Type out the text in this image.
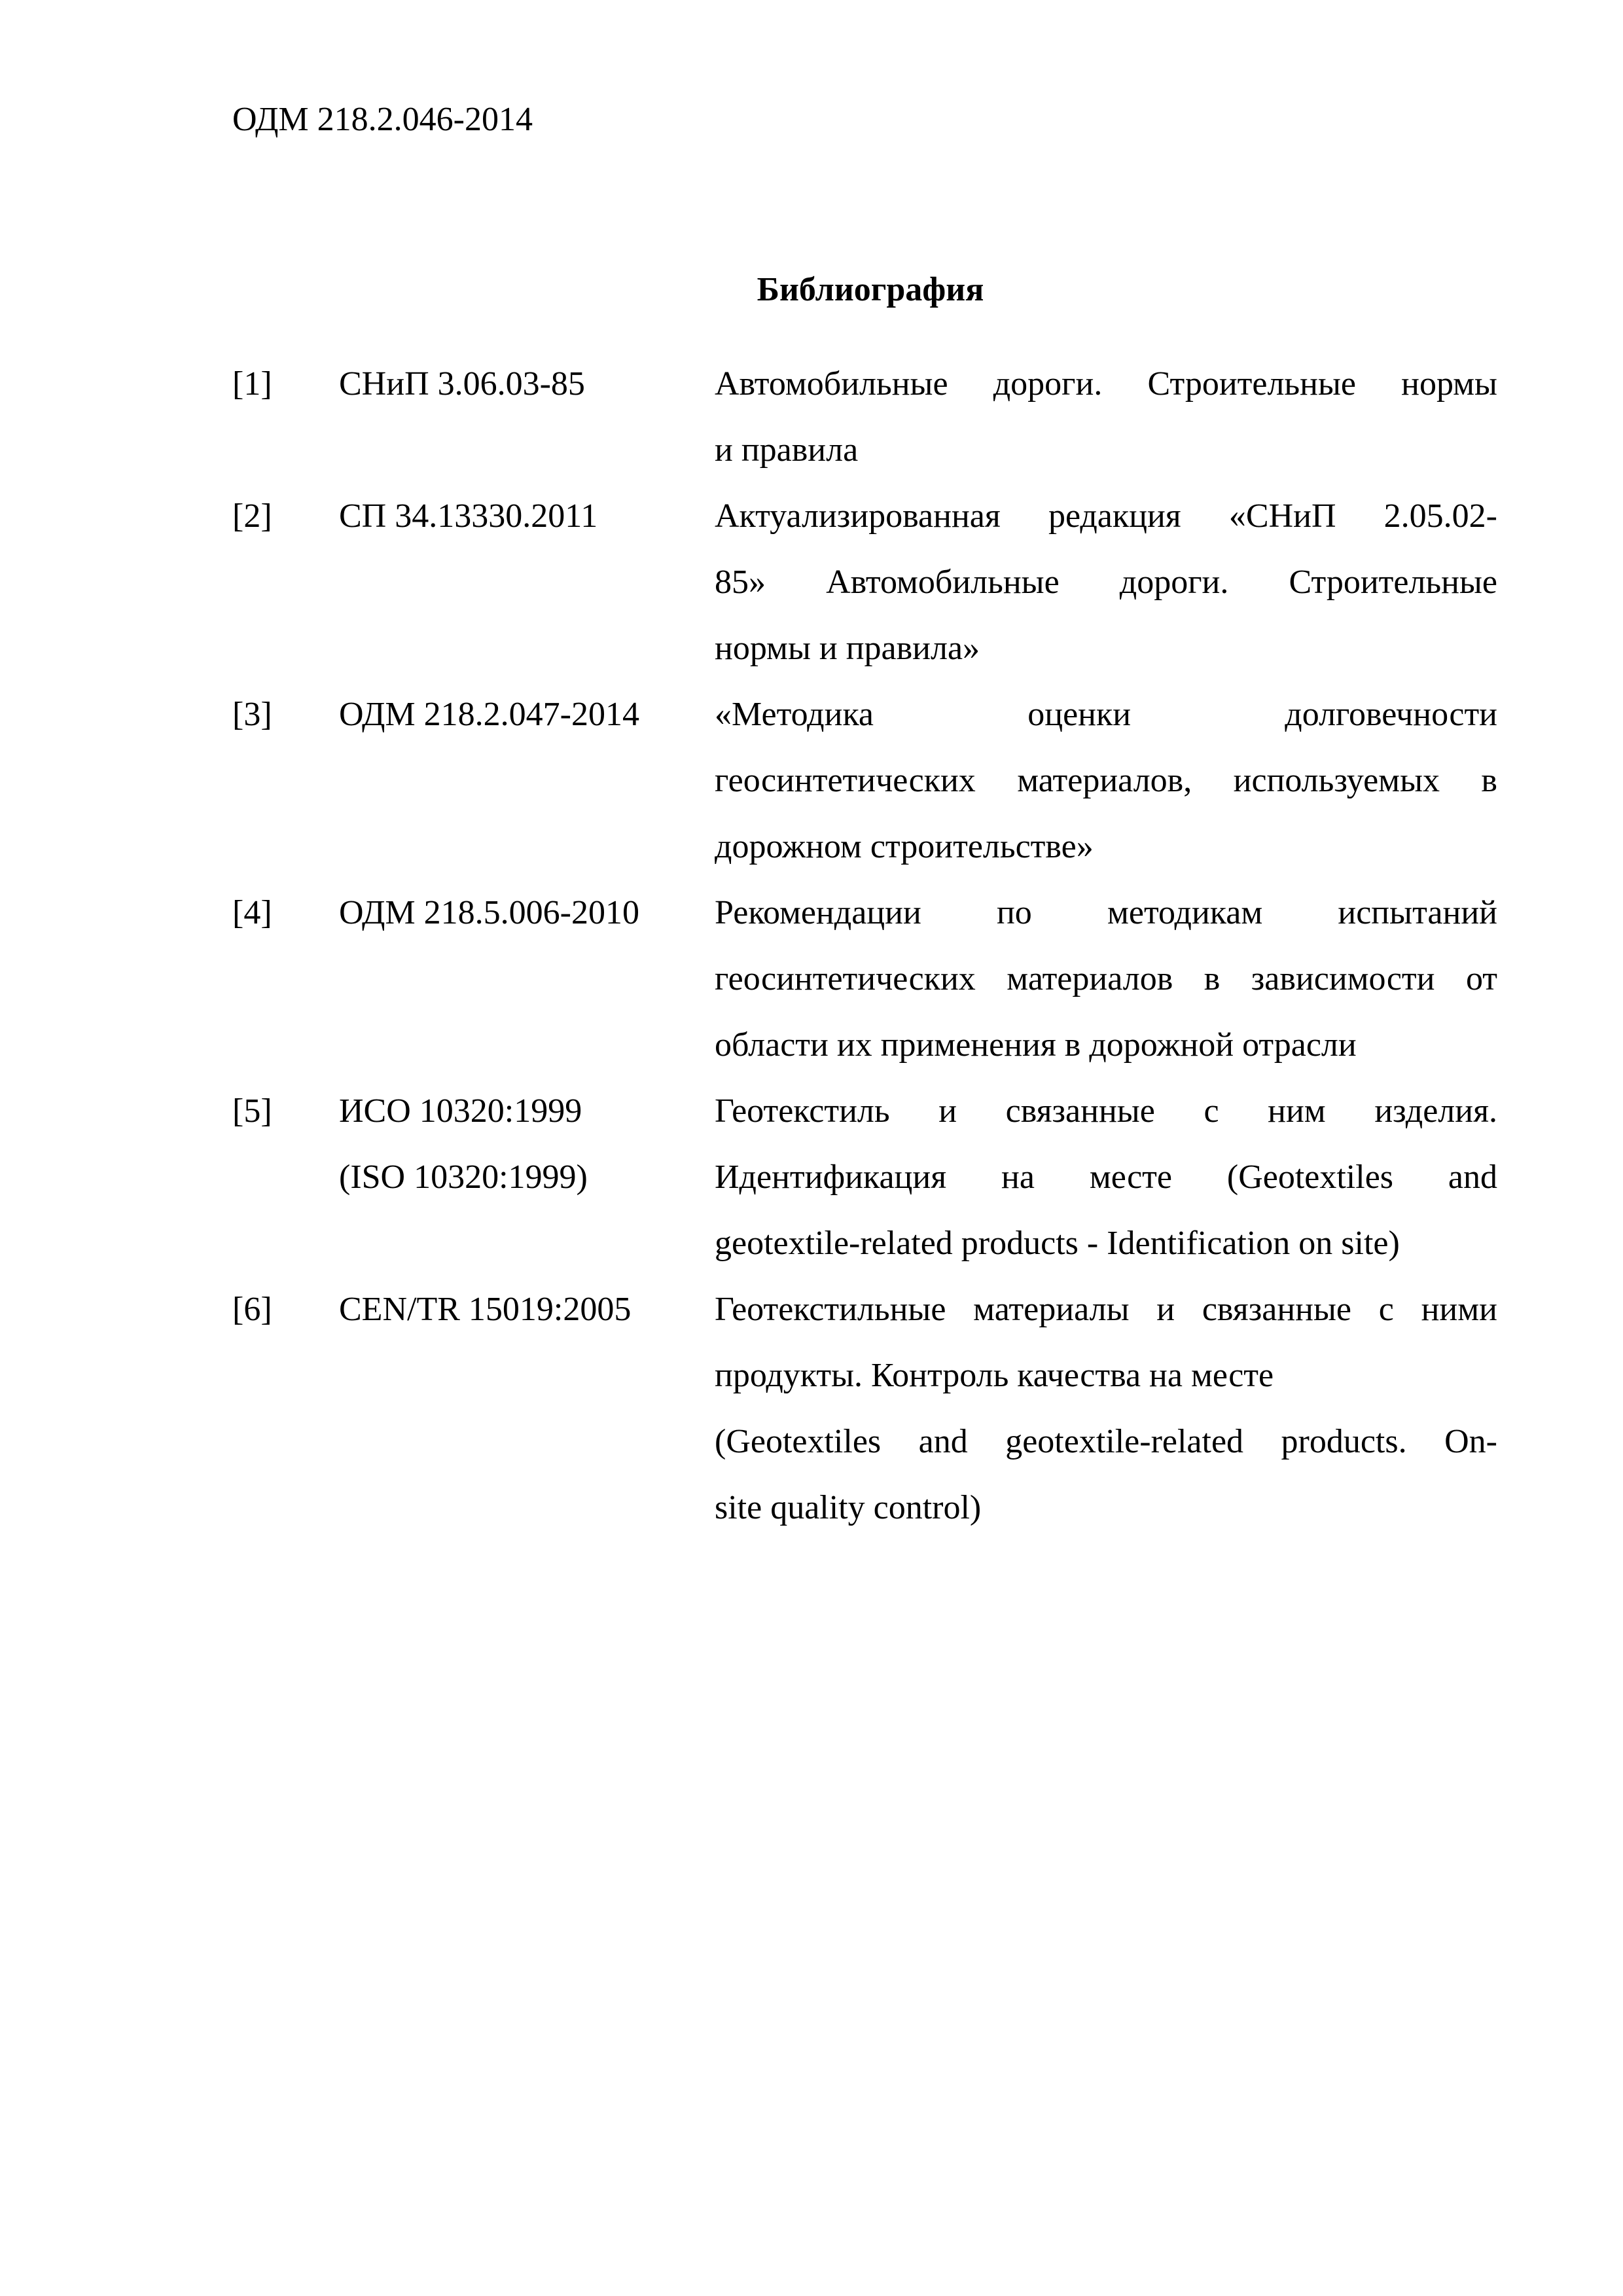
ОДМ 218.2.046-2014
Библиография
[1] СНиП 3.06.03-85	Автомобильные дороги. Строительные нормы
и правила
[2] СП 34.13330.2011	Актуализированная редакция «СНиП 2.05.02-
85» Автомобильные дороги. Строительные
нормы и правила»
[3] ОДМ 218.2.047-2014 «Методика оценки долговечности
геосинтетических материалов, используемых в
дорожном строительстве»
[4] ОДМ 218.5.006-2010 Рекомендации по методикам испытаний
геосинтетических материалов в зависимости от
области их применения в дорожной отрасли
[5] ИСО 10320:1999
(ISO 10320:1999)
Геотекстиль и связанные с ним изделия.
Идентификация на месте (Geotextiles and
geotextile-related products - Identification on site)
[6] CEN/TR 15019:2005 Геотекстильные материалы и связанные с ними
продукты. Контроль качества на месте
(Geotextiles and geotextile-related products. On-
site quality control)
